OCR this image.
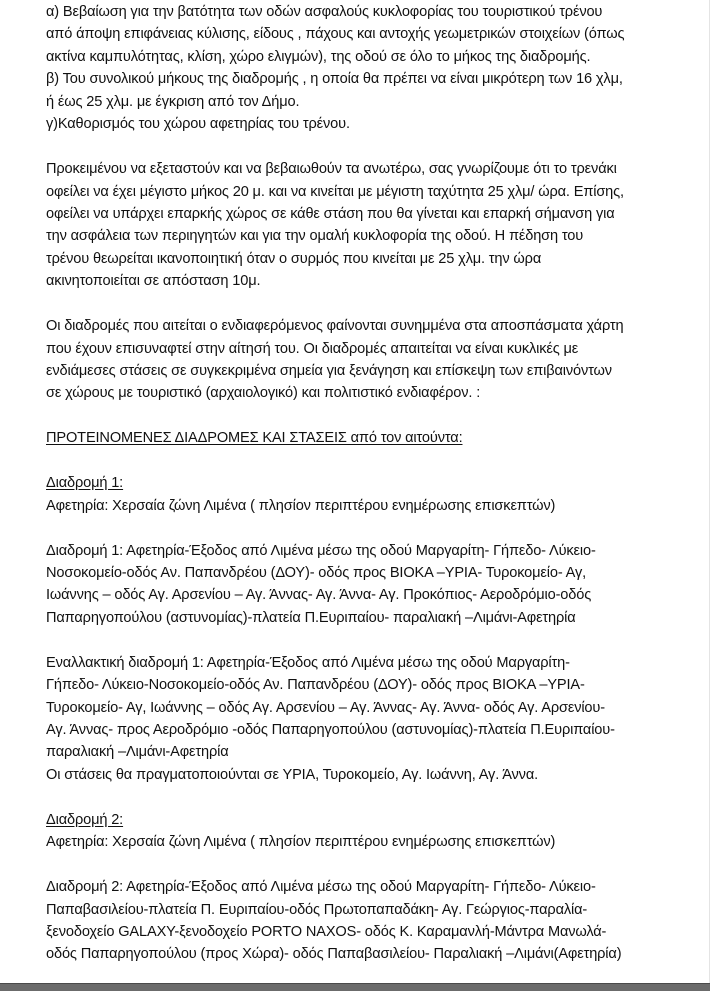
α) Βεβαίωση για την βατότητα των οδών ασφαλούς κυκλοφορίας του τουριστικού τρένου
από άποψη επιφάνειας κύλισης, είδους , πάχους και αντοχής γεωμετρικών στοιχείων (όπως
ακτίνα καμπυλότητας, κλίση, χώρο ελιγμών), της οδού σε όλο το μήκος της διαδρομής.
β) Του συνολικού μήκους της διαδρομής , η οποία θα πρέπει να είναι μικρότερη των 16 χλμ,
ή έως 25 χλμ. με έγκριση από τον Δήμο.
γ)Καθορισμός του χώρου αφετηρίας του τρένου.
Προκειμένου να εξεταστούν και να βεβαιωθούν τα ανωτέρω, σας γνωρίζουμε ότι το τρενάκι
οφείλει να έχει μέγιστο μήκος 20 μ. και να κινείται με μέγιστη ταχύτητα 25 χλμ/ ώρα. Επίσης,
οφείλει να υπάρχει επαρκής χώρος σε κάθε στάση που θα γίνεται και επαρκή σήμανση για
την ασφάλεια των περιηγητών και για την ομαλή κυκλοφορία της οδού. Η πέδηση του
τρένου θεωρείται ικανοποιητική όταν ο συρμός που κινείται με 25 χλμ. την ώρα
ακινητοποιείται σε απόσταση 10μ.
Οι διαδρομές που αιτείται ο ενδιαφερόμενος φαίνονται συνημμένα στα αποσπάσματα χάρτη
που έχουν επισυναφτεί στην αίτησή του. Οι διαδρομές απαιτείται να είναι κυκλικές με
ενδιάμεσες στάσεις σε συγκεκριμένα σημεία για ξενάγηση και επίσκεψη των επιβαινόντων
σε χώρους με τουριστικό (αρχαιολογικό) και πολιτιστικό ενδιαφέρον. :
ΠΡΟΤΕΙΝΟΜΕΝΕΣ ΔΙΑΔΡΟΜΕΣ ΚΑΙ ΣΤΑΣΕΙΣ από τον αιτούντα:
Διαδρομή 1:
Αφετηρία: Χερσαία ζώνη Λιμένα ( πλησίον περιπτέρου ενημέρωσης επισκεπτών)
Διαδρομή 1: Αφετηρία-Έξοδος από Λιμένα μέσω της οδού Μαργαρίτη- Γήπεδο- Λύκειο-
Νοσοκομείο-οδός Αν. Παπανδρέου (ΔΟΥ)- οδός προς ΒΙΟΚΑ –ΥΡΙΑ- Τυροκομείο- Αγ,
Ιωάννης – οδός Αγ. Αρσενίου – Αγ. Άννας- Αγ. Άννα- Αγ. Προκόπιος- Αεροδρόμιο-οδός
Παπαρηγοπούλου (αστυνομίας)-πλατεία Π.Ευριπαίου- παραλιακή –Λιμάνι-Αφετηρία
Εναλλακτική διαδρομή 1: Αφετηρία-Έξοδος από Λιμένα μέσω της οδού Μαργαρίτη-
Γήπεδο- Λύκειο-Νοσοκομείο-οδός Αν. Παπανδρέου (ΔΟΥ)- οδός προς ΒΙΟΚΑ –ΥΡΙΑ-
Τυροκομείο- Αγ, Ιωάννης – οδός Αγ. Αρσενίου – Αγ. Άννας- Αγ. Άννα- οδός Αγ. Αρσενίου-
Αγ. Άννας- προς Αεροδρόμιο -οδός Παπαρηγοπούλου (αστυνομίας)-πλατεία Π.Ευριπαίου-
παραλιακή –Λιμάνι-Αφετηρία
Οι στάσεις θα πραγματοποιούνται σε ΥΡΙΑ, Τυροκομείο, Αγ. Ιωάννη, Αγ. Άννα.
Διαδρομή 2:
Αφετηρία: Χερσαία ζώνη Λιμένα ( πλησίον περιπτέρου ενημέρωσης επισκεπτών)
Διαδρομή 2: Αφετηρία-Έξοδος από Λιμένα μέσω της οδού Μαργαρίτη- Γήπεδο- Λύκειο-
Παπαβασιλείου-πλατεία Π. Ευριπαίου-οδός Πρωτοπαπαδάκη- Αγ. Γεώργιος-παραλία-
ξενοδοχείο GALAXY-ξενοδοχείο PORTO NAXOS- οδός Κ. Καραμανλή-Μάντρα Μανωλά-
οδός Παπαρηγοπούλου (προς Χώρα)- οδός Παπαβασιλείου- Παραλιακή –Λιμάνι(Αφετηρία)
